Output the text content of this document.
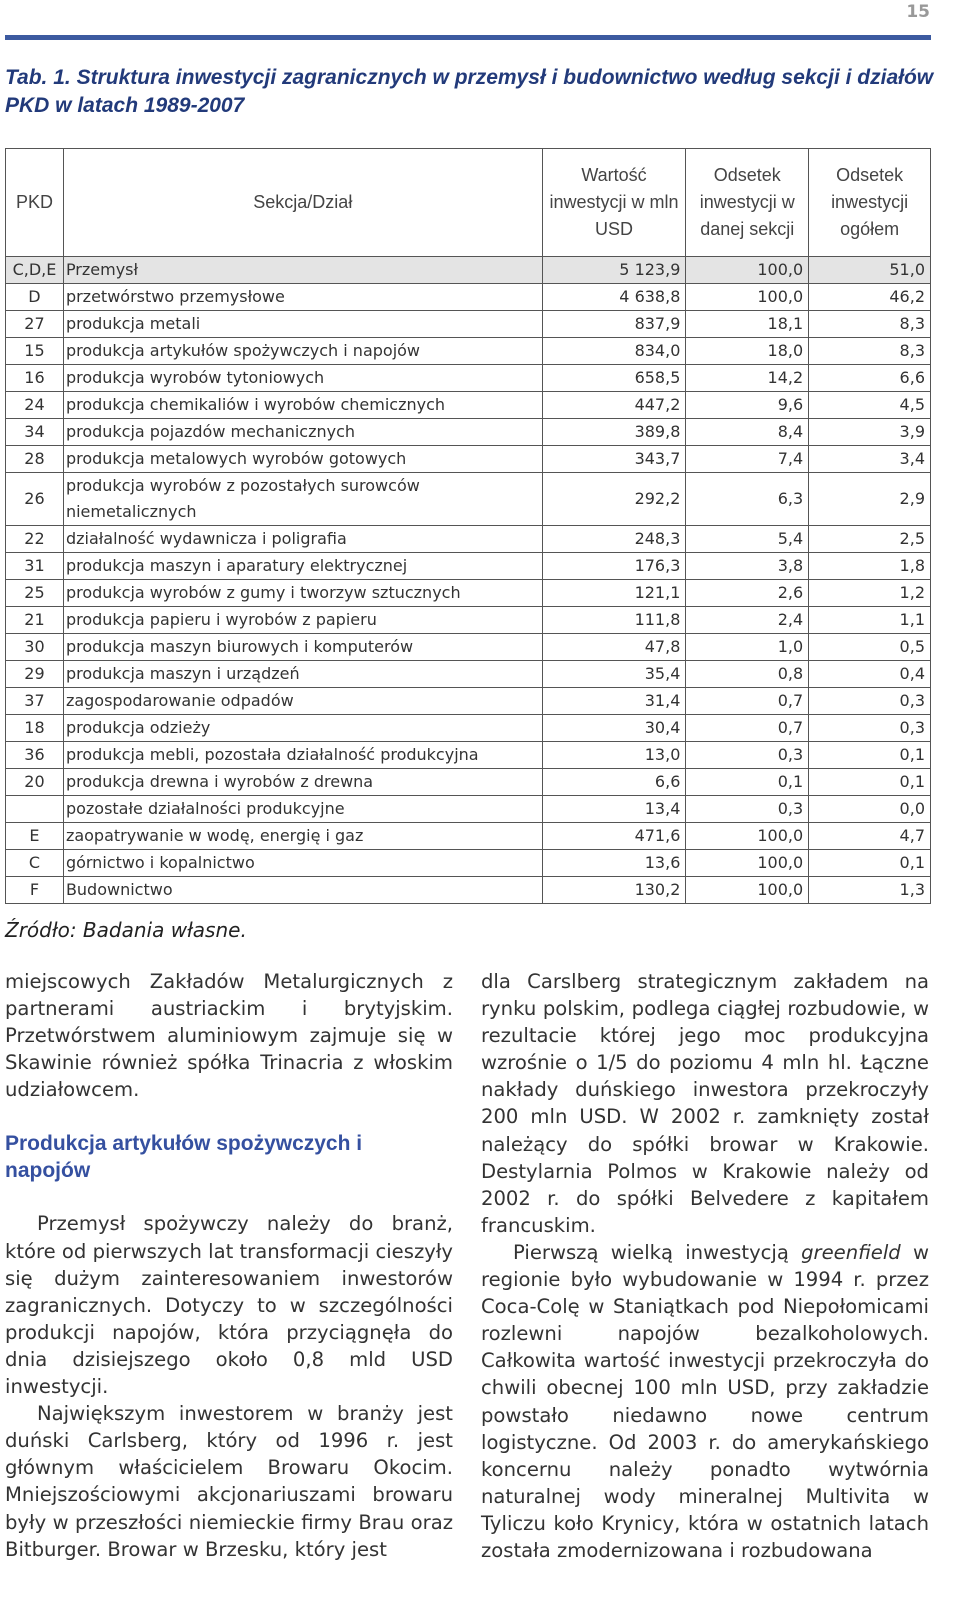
15
Tab. 1. Struktura inwestycji zagranicznych w przemysł i budownictwo według sekcji i działów PKD w latach 1989-2007
PKD	Sekcja/Dział	Wartość inwestycji w mln USD	Odsetek inwestycji w danej sekcji	Odsetek inwestycji ogółem
C,D,E	Przemysł	5 123,9	100,0	51,0
D	przetwórstwo przemysłowe	4 638,8	100,0	46,2
27	produkcja metali	837,9	18,1	8,3
15	produkcja artykułów spożywczych i napojów	834,0	18,0	8,3
16	produkcja wyrobów tytoniowych	658,5	14,2	6,6
24	produkcja chemikaliów i wyrobów chemicznych	447,2	9,6	4,5
34	produkcja pojazdów mechanicznych	389,8	8,4	3,9
28	produkcja metalowych wyrobów gotowych	343,7	7,4	3,4
26	produkcja wyrobów z pozostałych surowców niemetalicznych	292,2	6,3	2,9
22	działalność wydawnicza i poligrafia	248,3	5,4	2,5
31	produkcja maszyn i aparatury elektrycznej	176,3	3,8	1,8
25	produkcja wyrobów z gumy i tworzyw sztucznych	121,1	2,6	1,2
21	produkcja papieru i wyrobów z papieru	111,8	2,4	1,1
30	produkcja maszyn biurowych i komputerów	47,8	1,0	0,5
29	produkcja maszyn i urządzeń	35,4	0,8	0,4
37	zagospodarowanie odpadów	31,4	0,7	0,3
18	produkcja odzieży	30,4	0,7	0,3
36	produkcja mebli, pozostała działalność produkcyjna	13,0	0,3	0,1
20	produkcja drewna i wyrobów z drewna	6,6	0,1	0,1
	pozostałe działalności produkcyjne	13,4	0,3	0,0
E	zaopatrywanie w wodę, energię i gaz	471,6	100,0	4,7
C	górnictwo i kopalnictwo	13,6	100,0	0,1
F	Budownictwo	130,2	100,0	1,3
Źródło: Badania własne.

miejscowych Zakładów Metalurgicznych z partnerami austriackim i brytyjskim. Przetwórstwem aluminiowym zajmuje się w Skawinie również spółka Trinacria z włoskim udziałowcem.

Produkcja artykułów spożywczych i napojów

Przemysł spożywczy należy do branż, które od pierwszych lat transformacji cieszyły się dużym zainteresowaniem inwestorów zagranicznych. Dotyczy to w szczególności produkcji napojów, która przyciągnęła do dnia dzisiejszego około 0,8 mld USD inwestycji.

Największym inwestorem w branży jest duński Carlsberg, który od 1996 r. jest głównym właścicielem Browaru Okocim. Mniejszościowymi akcjonariuszami browaru były w przeszłości niemieckie firmy Brau oraz Bitburger. Browar w Brzesku, który jest

dla Carslberg strategicznym zakładem na rynku polskim, podlega ciągłej rozbudowie, w rezultacie której jego moc produkcyjna wzrośnie o 1/5 do poziomu 4 mln hl. Łączne nakłady duńskiego inwestora przekroczyły 200 mln USD. W 2002 r. zamknięty został należący do spółki browar w Krakowie. Destylarnia Polmos w Krakowie należy od 2002 r. do spółki Belvedere z kapitałem francuskim.

Pierwszą wielką inwestycją greenfield w regionie było wybudowanie w 1994 r. przez Coca-Colę w Staniątkach pod Niepołomicami rozlewni napojów bezalkoholowych. Całkowita wartość inwestycji przekroczyła do chwili obecnej 100 mln USD, przy zakładzie powstało niedawno nowe centrum logistyczne. Od 2003 r. do amerykańskiego koncernu należy ponadto wytwórnia naturalnej wody mineralnej Multivita w Tyliczu koło Krynicy, która w ostatnich latach została zmodernizowana i rozbudowana
